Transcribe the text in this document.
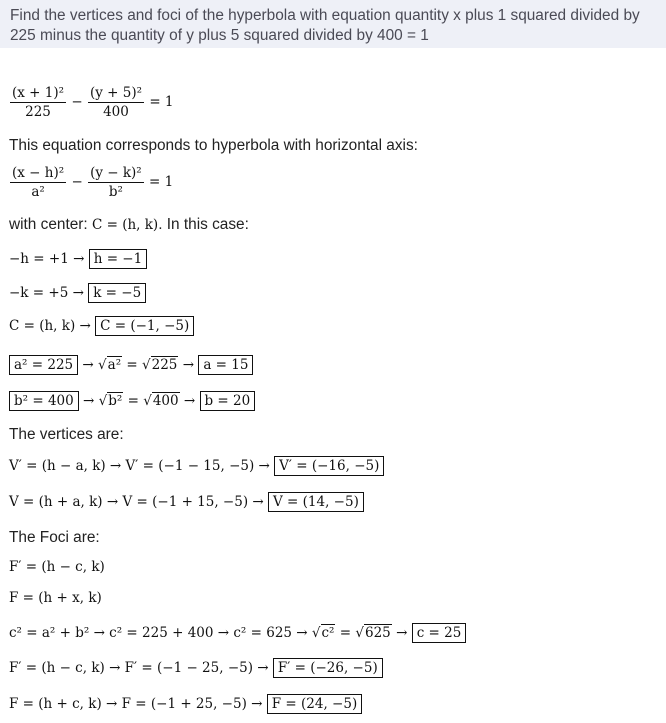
Find the vertices and foci of the hyperbola with equation quantity x plus 1 squared divided by 225 minus the quantity of y plus 5 squared divided by 400 = 1

$\frac{\text{(x + 1)²}}{225} - \frac{\text{(y + 5)²}}{400} = 1$
This equation corresponds to hyperbola with horizontal axis:
$\frac{\text{(x − h)²}}{\text{a²}} - \frac{\text{(y − k)²}}{\text{b²}} = 1$
with center: C = (h, k). In this case:
−h = +1 → h = −1
−k = +5 → k = −5
C = (h, k) → C = (−1, −5)
a² = 225 → √a² = √225 → a = 15
b² = 400 → √b² = √400 → b = 20
The vertices are:
V′ = (h − a, k) → V′ = (−1 − 15, −5) → V′ = (−16, −5)
V = (h + a, k) → V = (−1 + 15, −5) → V = (14, −5)
The Foci are:
F′ = (h − c, k)
F = (h + x, k)
c² = a² + b² → c² = 225 + 400 → c² = 625 → √c² = √625 → c = 25
F′ = (h − c, k) → F′ = (−1 − 25, −5) → F′ = (−26, −5)
F = (h + c, k) → F = (−1 + 25, −5) → F = (24, −5)
